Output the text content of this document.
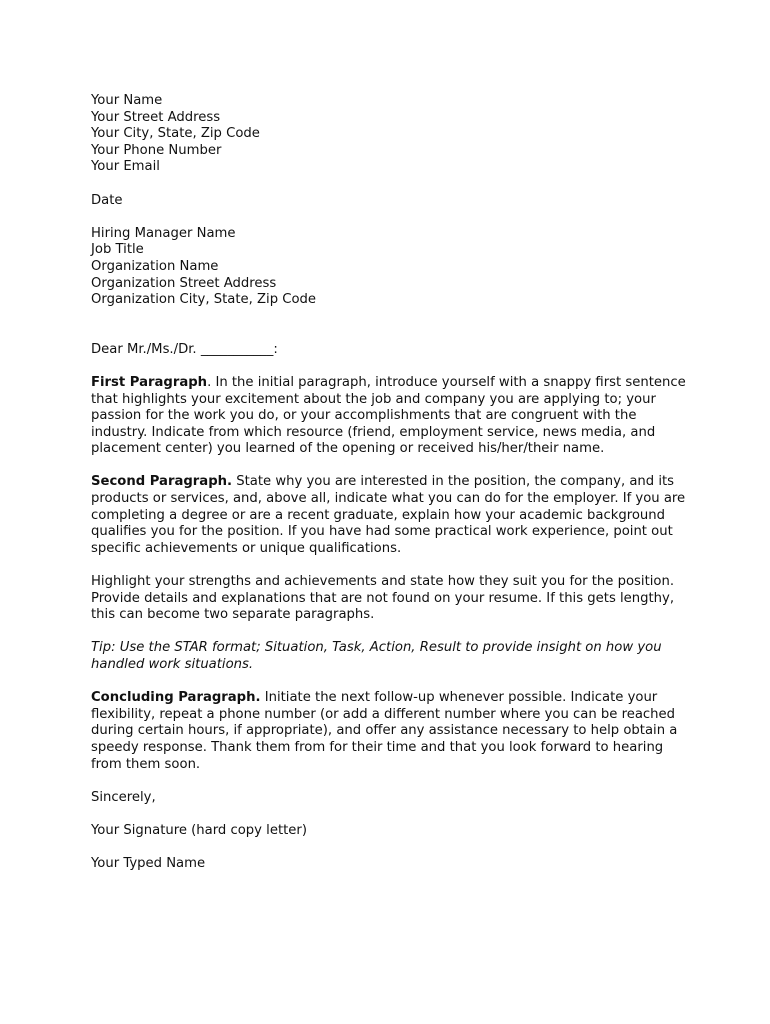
Your Name
Your Street Address
Your City, State, Zip Code
Your Phone Number
Your Email
Date
Hiring Manager Name
Job Title
Organization Name
Organization Street Address
Organization City, State, Zip Code
Dear Mr./Ms./Dr. ___________:

First Paragraph. In the initial paragraph, introduce yourself with a snappy first sentence that highlights your excitement about the job and company you are applying to; your passion for the work you do, or your accomplishments that are congruent with the industry. Indicate from which resource (friend, employment service, news media, and placement center) you learned of the opening or received his/her/their name.

Second Paragraph. State why you are interested in the position, the company, and its products or services, and, above all, indicate what you can do for the employer. If you are completing a degree or are a recent graduate, explain how your academic background qualifies you for the position. If you have had some practical work experience, point out specific achievements or unique qualifications.

Highlight your strengths and achievements and state how they suit you for the position. Provide details and explanations that are not found on your resume. If this gets lengthy, this can become two separate paragraphs.

Tip: Use the STAR format; Situation, Task, Action, Result to provide insight on how you handled work situations.

Concluding Paragraph. Initiate the next follow-up whenever possible. Indicate your flexibility, repeat a phone number (or add a different number where you can be reached during certain hours, if appropriate), and offer any assistance necessary to help obtain a speedy response. Thank them from for their time and that you look forward to hearing from them soon.

Sincerely,
Your Signature (hard copy letter)
Your Typed Name
